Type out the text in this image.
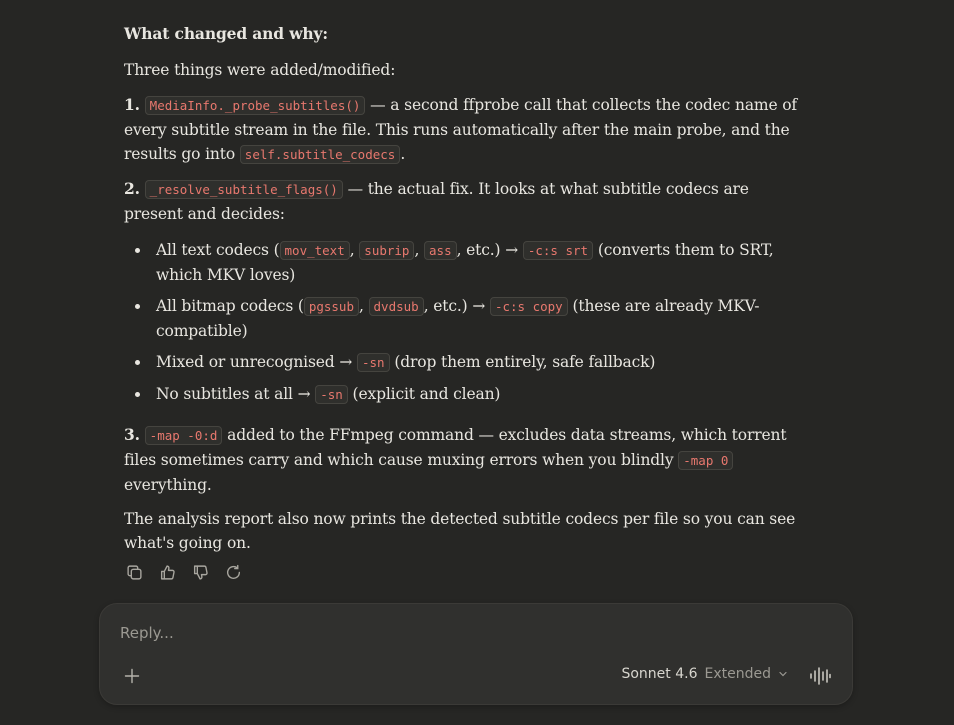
What changed and why:

Three things were added/modified:

1. MediaInfo._probe_subtitles() — a second ffprobe call that collects the codec name of every subtitle stream in the file. This runs automatically after the main probe, and the results go into self.subtitle_codecs .

2. _resolve_subtitle_flags() — the actual fix. It looks at what subtitle codecs are present and decides:

All text codecs ( mov_text , subrip , ass , etc.) → -c:s srt (converts them to SRT, which MKV loves)
All bitmap codecs ( pgssub , dvdsub , etc.) → -c:s copy (these are already MKV-compatible)
Mixed or unrecognised → -sn (drop them entirely, safe fallback)
No subtitles at all → -sn (explicit and clean)

3. -map -0:d added to the FFmpeg command — excludes data streams, which torrent files sometimes carry and which cause muxing errors when you blindly -map 0 everything.

The analysis report also now prints the detected subtitle codecs per file so you can see what's going on.

Reply...
Sonnet 4.6 Extended
